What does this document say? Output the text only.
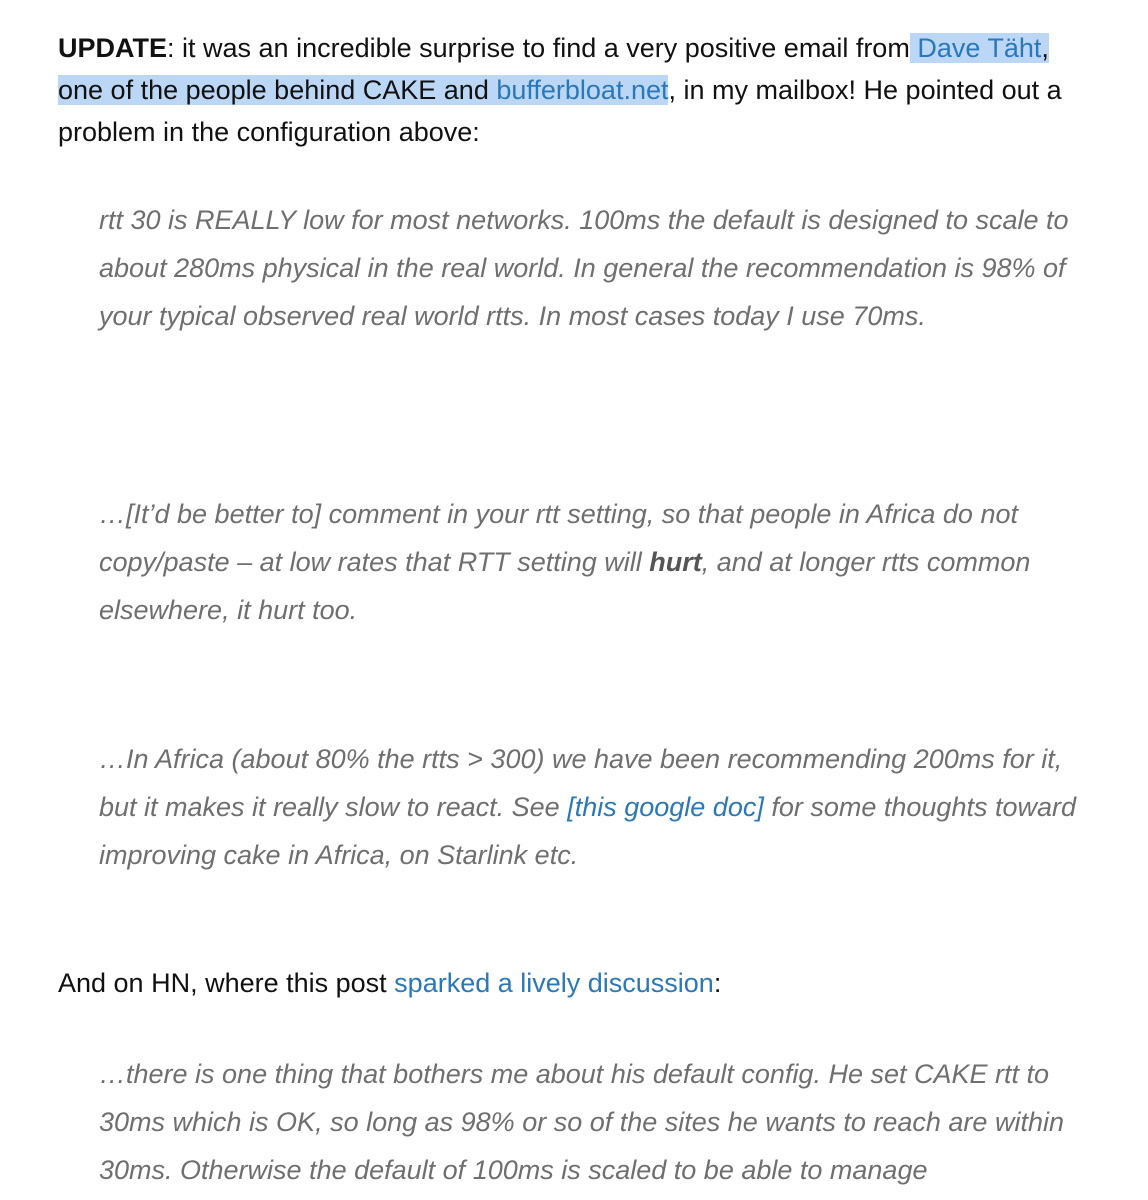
UPDATE: it was an incredible surprise to find a very positive email from Dave Täht, one of the people behind CAKE and bufferbloat.net, in my mailbox! He pointed out a problem in the configuration above:

rtt 30 is REALLY low for most networks. 100ms the default is designed to scale to about 280ms physical in the real world. In general the recommendation is 98% of your typical observed real world rtts. In most cases today I use 70ms.
…[It’d be better to] comment in your rtt setting, so that people in Africa do not copy/paste – at low rates that RTT setting will hurt, and at longer rtts common elsewhere, it hurt too.
…In Africa (about 80% the rtts > 300) we have been recommending 200ms for it, but it makes it really slow to react. See [this google doc] for some thoughts toward improving cake in Africa, on Starlink etc.

And on HN, where this post sparked a lively discussion:

…there is one thing that bothers me about his default config. He set CAKE rtt to 30ms which is OK, so long as 98% or so of the sites he wants to reach are within 30ms. Otherwise the default of 100ms is scaled to be able to manage
